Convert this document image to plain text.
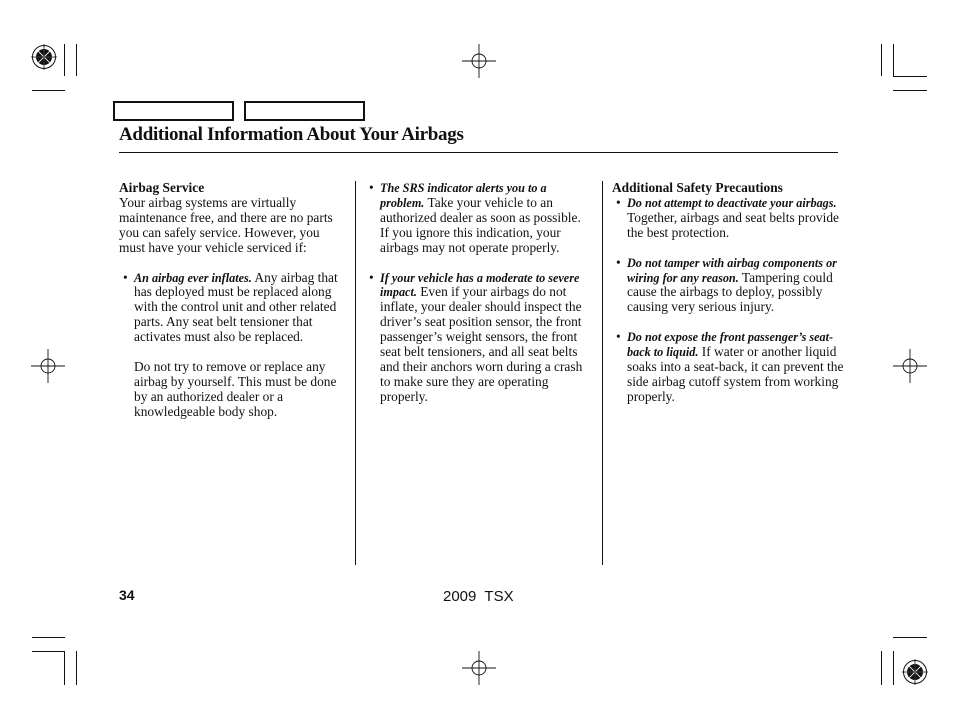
Additional Information About Your Airbags

Airbag Service

Your airbag systems are virtually maintenance free, and there are no parts you can safely service. However, you must have your vehicle serviced if:

• An airbag ever inflates. Any airbag that has deployed must be replaced along with the control unit and other related parts. Any seat belt tensioner that activates must also be replaced.

Do not try to remove or replace any airbag by yourself. This must be done by an authorized dealer or a knowledgeable body shop.

• The SRS indicator alerts you to a problem. Take your vehicle to an authorized dealer as soon as possible. If you ignore this indication, your airbags may not operate properly.

• If your vehicle has a moderate to severe impact. Even if your airbags do not inflate, your dealer should inspect the driver’s seat position sensor, the front passenger’s weight sensors, the front seat belt tensioners, and all seat belts and their anchors worn during a crash to make sure they are operating properly.

Additional Safety Precautions

• Do not attempt to deactivate your airbags. Together, airbags and seat belts provide the best protection.

• Do not tamper with airbag components or wiring for any reason. Tampering could cause the airbags to deploy, possibly causing very serious injury.

• Do not expose the front passenger’s seat-back to liquid. If water or another liquid soaks into a seat-back, it can prevent the side airbag cutoff system from working properly.

34	2009  TSX
